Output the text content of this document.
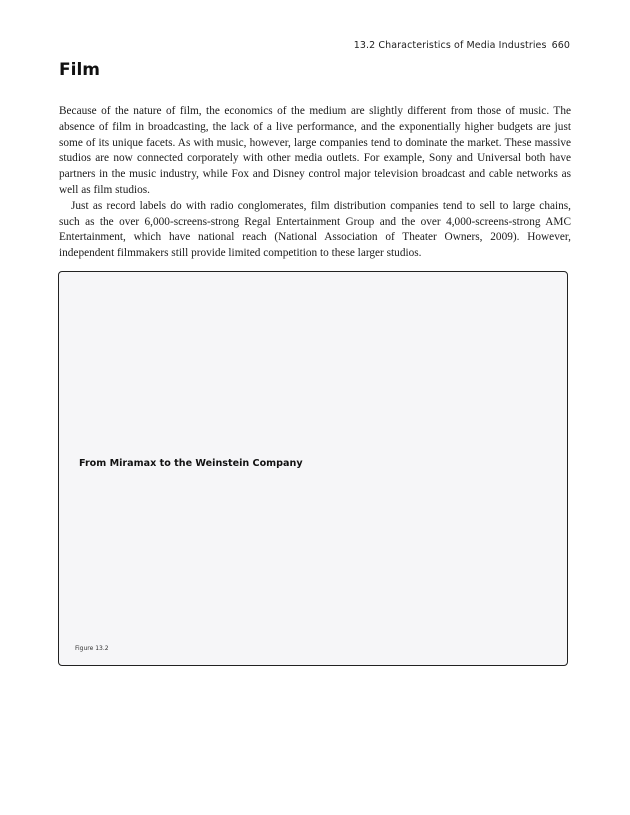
13.2 Characteristics of Media Industries 660
Film

Because of the nature of film, the economics of the medium are slightly different from those of music. The absence of film in broadcasting, the lack of a live performance, and the exponentially higher budgets are just some of its unique facets. As with music, however, large companies tend to dominate the market. These massive studios are now connected corporately with other media outlets. For example, Sony and Universal both have partners in the music industry, while Fox and Disney control major television broadcast and cable networks as well as film studios.

Just as record labels do with radio conglomerates, film distribution companies tend to sell to large chains, such as the over 6,000-screens-strong Regal Entertainment Group and the over 4,000-screens-strong AMC Entertainment, which have national reach (National Association of Theater Owners, 2009). However, independent filmmakers still provide limited competition to these larger studios.

From Miramax to the Weinstein Company
Figure 13.2
